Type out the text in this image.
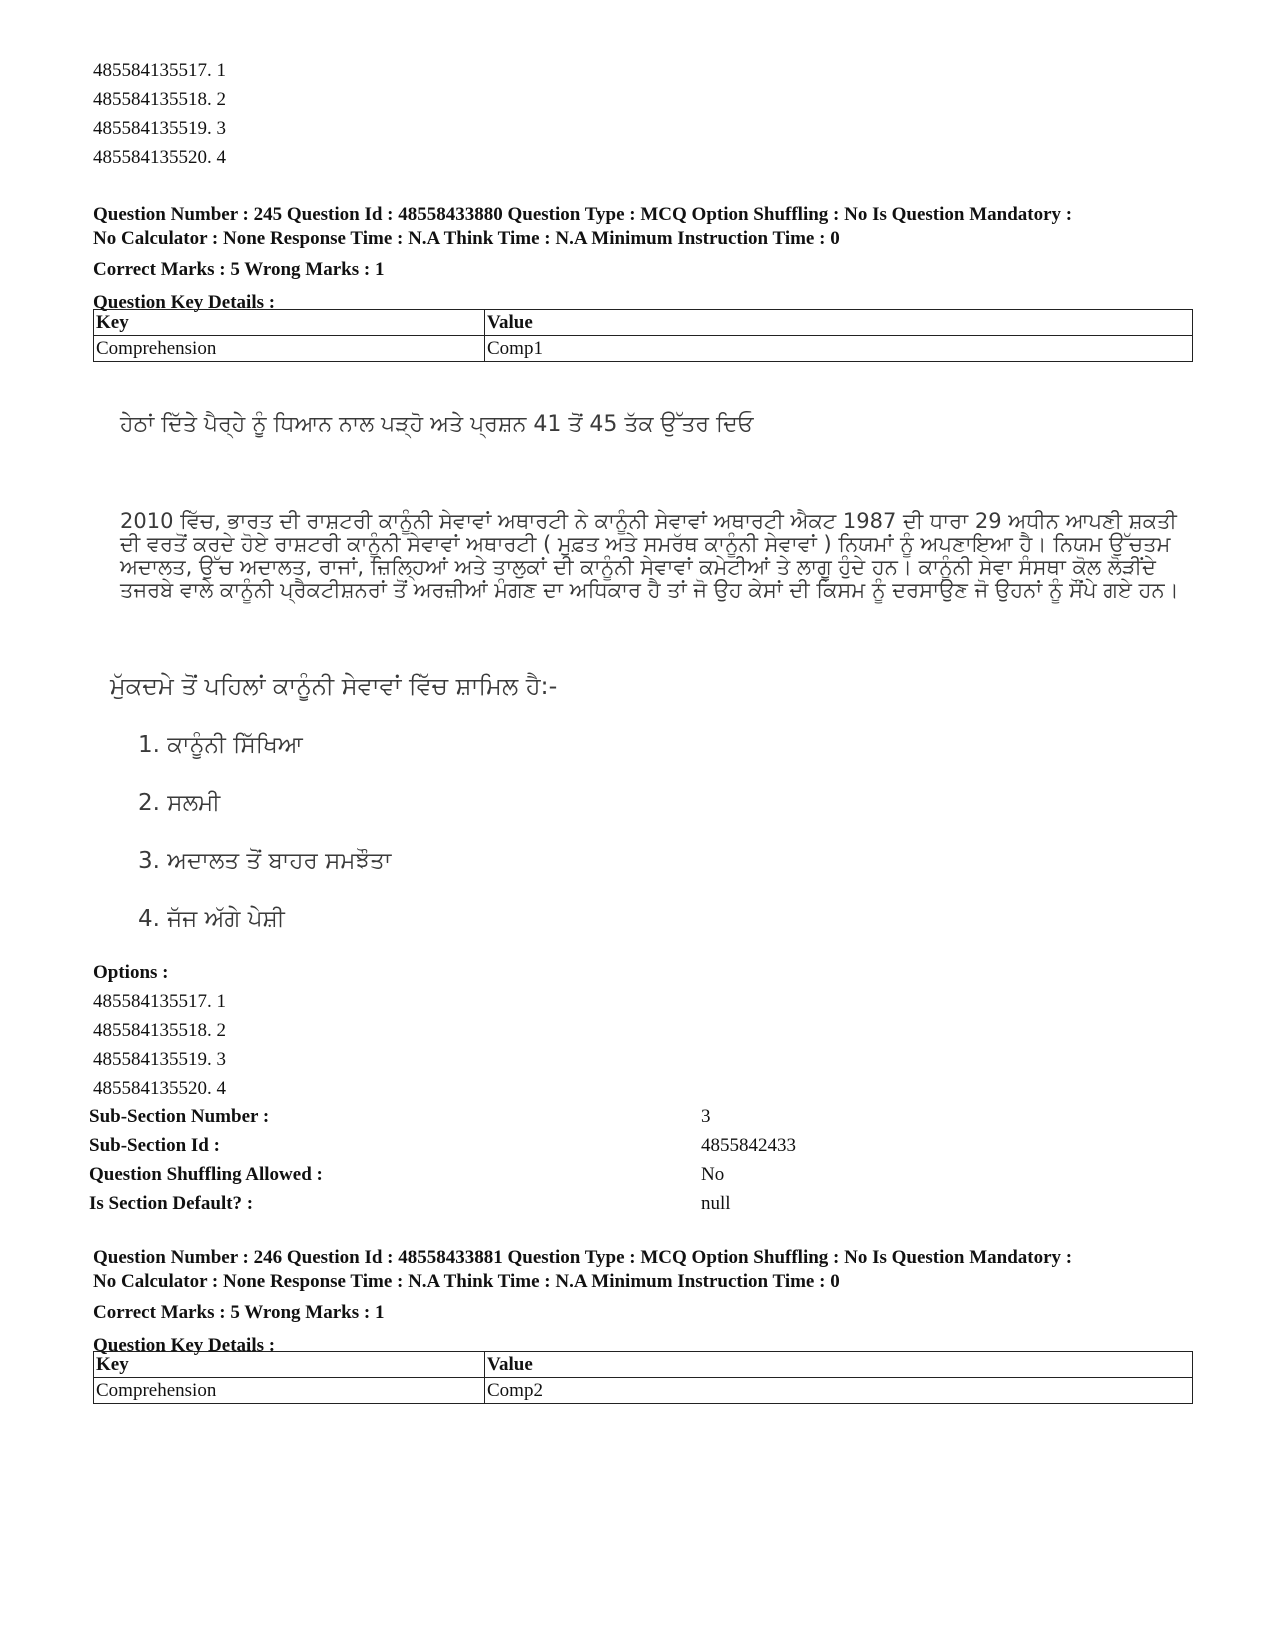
485584135517. 1
485584135518. 2
485584135519. 3
485584135520. 4
Question Number : 245 Question Id : 48558433880 Question Type : MCQ Option Shuffling : No Is Question Mandatory :
No Calculator : None Response Time : N.A Think Time : N.A Minimum Instruction Time : 0
Correct Marks : 5 Wrong Marks : 1
Question Key Details :
Key	Value
Comprehension	Comp1
ਹੇਠਾਂ ਦਿੱਤੇ ਪੈਰ੍ਹੇ ਨੂੰ ਧਿਆਨ ਨਾਲ ਪੜ੍ਹੋ ਅਤੇ ਪ੍ਰਸ਼ਨ 41 ਤੋਂ 45 ਤੱਕ ਉੱਤਰ ਦਿਓ
2010 ਵਿੱਚ, ਭਾਰਤ ਦੀ ਰਾਸ਼ਟਰੀ ਕਾਨੂੰਨੀ ਸੇਵਾਵਾਂ ਅਥਾਰਟੀ ਨੇ ਕਾਨੂੰਨੀ ਸੇਵਾਵਾਂ ਅਥਾਰਟੀ ਐਕਟ 1987 ਦੀ ਧਾਰਾ 29 ਅਧੀਨ ਆਪਣੀ ਸ਼ਕਤੀ ਦੀ ਵਰਤੋਂ ਕਰਦੇ ਹੋਏ ਰਾਸ਼ਟਰੀ ਕਾਨੂੰਨੀ ਸੇਵਾਵਾਂ ਅਥਾਰਟੀ ( ਮੁਫ਼ਤ ਅਤੇ ਸਮਰੱਥ ਕਾਨੂੰਨੀ ਸੇਵਾਵਾਂ ) ਨਿਯਮਾਂ ਨੂੰ ਅਪਣਾਇਆ ਹੈ। ਨਿਯਮ ਉੱਚਤਮ ਅਦਾਲਤ, ਉੱਚ ਅਦਾਲਤ, ਰਾਜਾਂ, ਜ਼ਿਲ੍ਹਿਆਂ ਅਤੇ ਤਾਲੁਕਾਂ ਦੀ ਕਾਨੂੰਨੀ ਸੇਵਾਵਾਂ ਕਮੇਟੀਆਂ ਤੇ ਲਾਗੂ ਹੁੰਦੇ ਹਨ। ਕਾਨੂੰਨੀ ਸੇਵਾ ਸੰਸਥਾ ਕੋਲ ਲੋੜੀਂਦੇ ਤਜਰਬੇ ਵਾਲੇ ਕਾਨੂੰਨੀ ਪ੍ਰੈਕਟੀਸ਼ਨਰਾਂ ਤੋਂ ਅਰਜ਼ੀਆਂ ਮੰਗਣ ਦਾ ਅਧਿਕਾਰ ਹੈ ਤਾਂ ਜੋ ਉਹ ਕੇਸਾਂ ਦੀ ਕਿਸਮ ਨੂੰ ਦਰਸਾਉਣ ਜੋ ਉਹਨਾਂ ਨੂੰ ਸੌਂਪੇ ਗਏ ਹਨ।
ਮੁੱਕਦਮੇ ਤੋਂ ਪਹਿਲਾਂ ਕਾਨੂੰਨੀ ਸੇਵਾਵਾਂ ਵਿੱਚ ਸ਼ਾਮਿਲ ਹੈ:-
1. ਕਾਨੂੰਨੀ ਸਿੱਖਿਆ
2. ਸਲਮੀ
3. ਅਦਾਲਤ ਤੋਂ ਬਾਹਰ ਸਮਝੌਤਾ
4. ਜੱਜ ਅੱਗੇ ਪੇਸ਼ੀ
Options :
485584135517. 1
485584135518. 2
485584135519. 3
485584135520. 4
Sub-Section Number :	3
Sub-Section Id :	4855842433
Question Shuffling Allowed :	No
Is Section Default? :	null
Question Number : 246 Question Id : 48558433881 Question Type : MCQ Option Shuffling : No Is Question Mandatory :
No Calculator : None Response Time : N.A Think Time : N.A Minimum Instruction Time : 0
Correct Marks : 5 Wrong Marks : 1
Question Key Details :
Key	Value
Comprehension	Comp2
